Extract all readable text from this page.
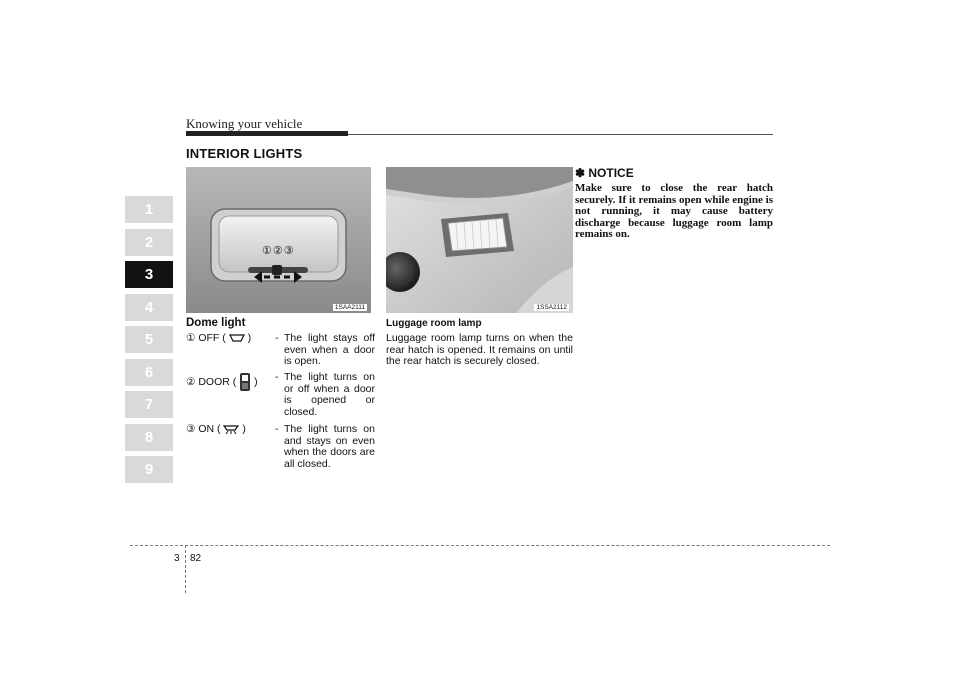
Knowing your vehicle
INTERIOR LIGHTS
1
2
3
4
5
6
7
8
9
①②③
1SAA2111	1SSA2112
Dome light
① OFF (  ) - The light stays off even when a door is open.
② DOOR (  ) - The light turns on or off when a door is opened or closed.
③ ON (  )	- The light turns on and stays on even when the doors are all closed.
Luggage room lamp
Luggage room lamp turns on when the rear hatch is opened. It remains on until the rear hatch is securely closed.
✽ NOTICE
Make sure to close the rear hatch securely. If it remains open while engine is not running, it may cause battery discharge because luggage room lamp remains on.
3 82
